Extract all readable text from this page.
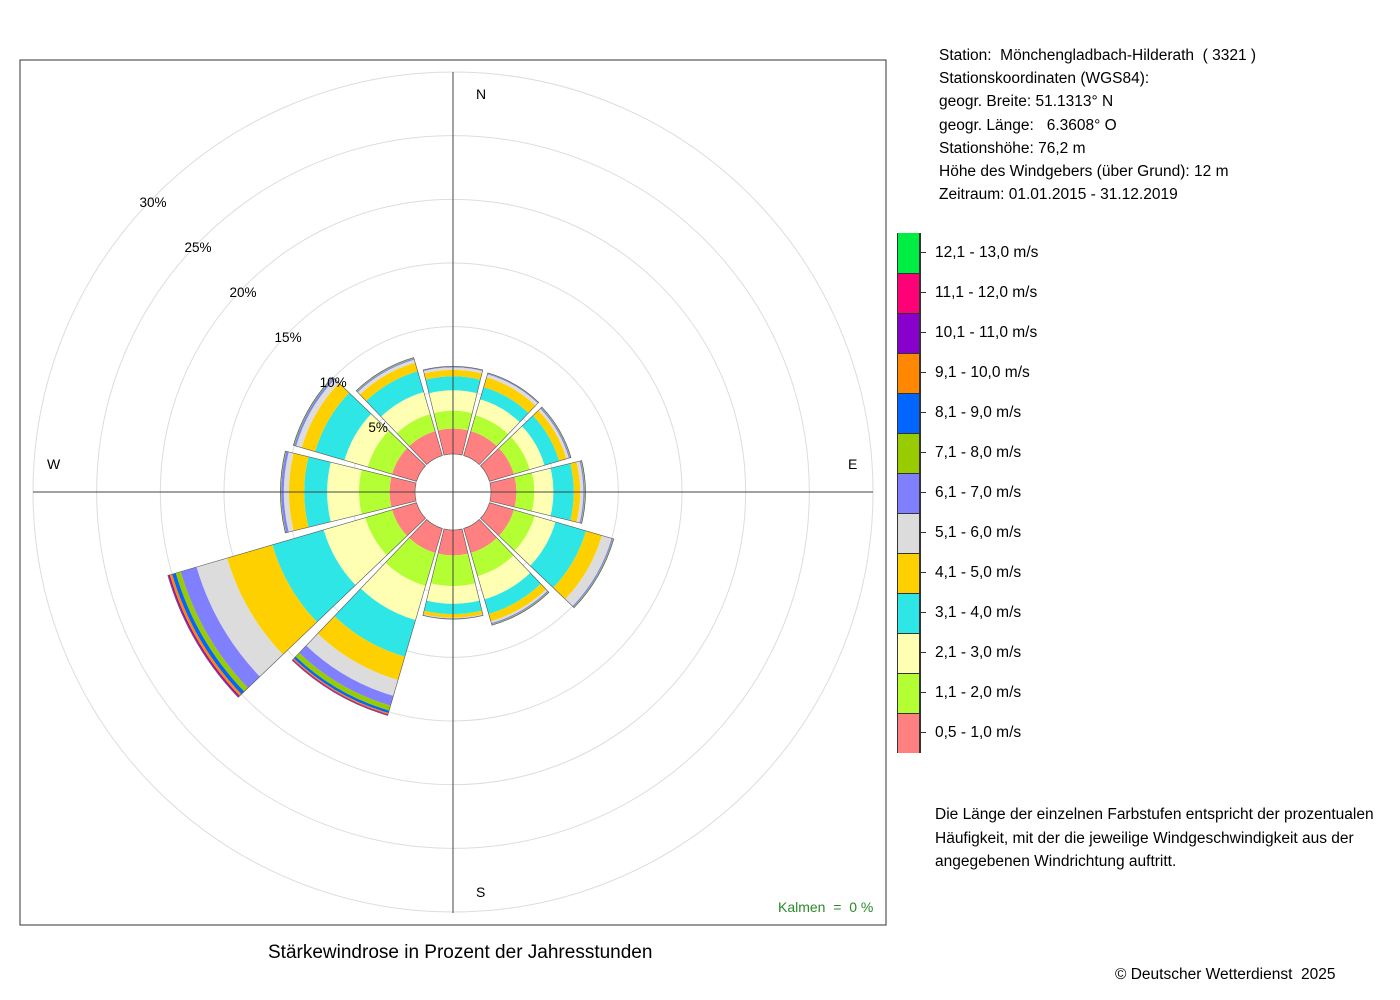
N
E
S
W
5%
10%
15%
20%
25%
30%
Station:  Mönchengladbach-Hilderath  ( 3321 )
Stationskoordinaten (WGS84):
geogr. Breite: 51.1313° N
geogr. Länge:   6.3608° O
Stationshöhe: 76,2 m
Höhe des Windgebers (über Grund): 12 m
Zeitraum: 01.01.2015 - 31.12.2019
12,1 - 13,0 m/s
11,1 - 12,0 m/s
10,1 - 11,0 m/s
9,1 - 10,0 m/s
8,1 - 9,0 m/s
7,1 - 8,0 m/s
6,1 - 7,0 m/s
5,1 - 6,0 m/s
4,1 - 5,0 m/s
3,1 - 4,0 m/s
2,1 - 3,0 m/s
1,1 - 2,0 m/s
0,5 - 1,0 m/s
Die Länge der einzelnen Farbstufen entspricht der prozentualen Häufigkeit, mit der die jeweilige Windgeschwindigkeit aus der angegebenen Windrichtung auftritt.
Stärkewindrose in Prozent der Jahresstunden
© Deutscher Wetterdienst  2025
Kalmen  =  0 %
